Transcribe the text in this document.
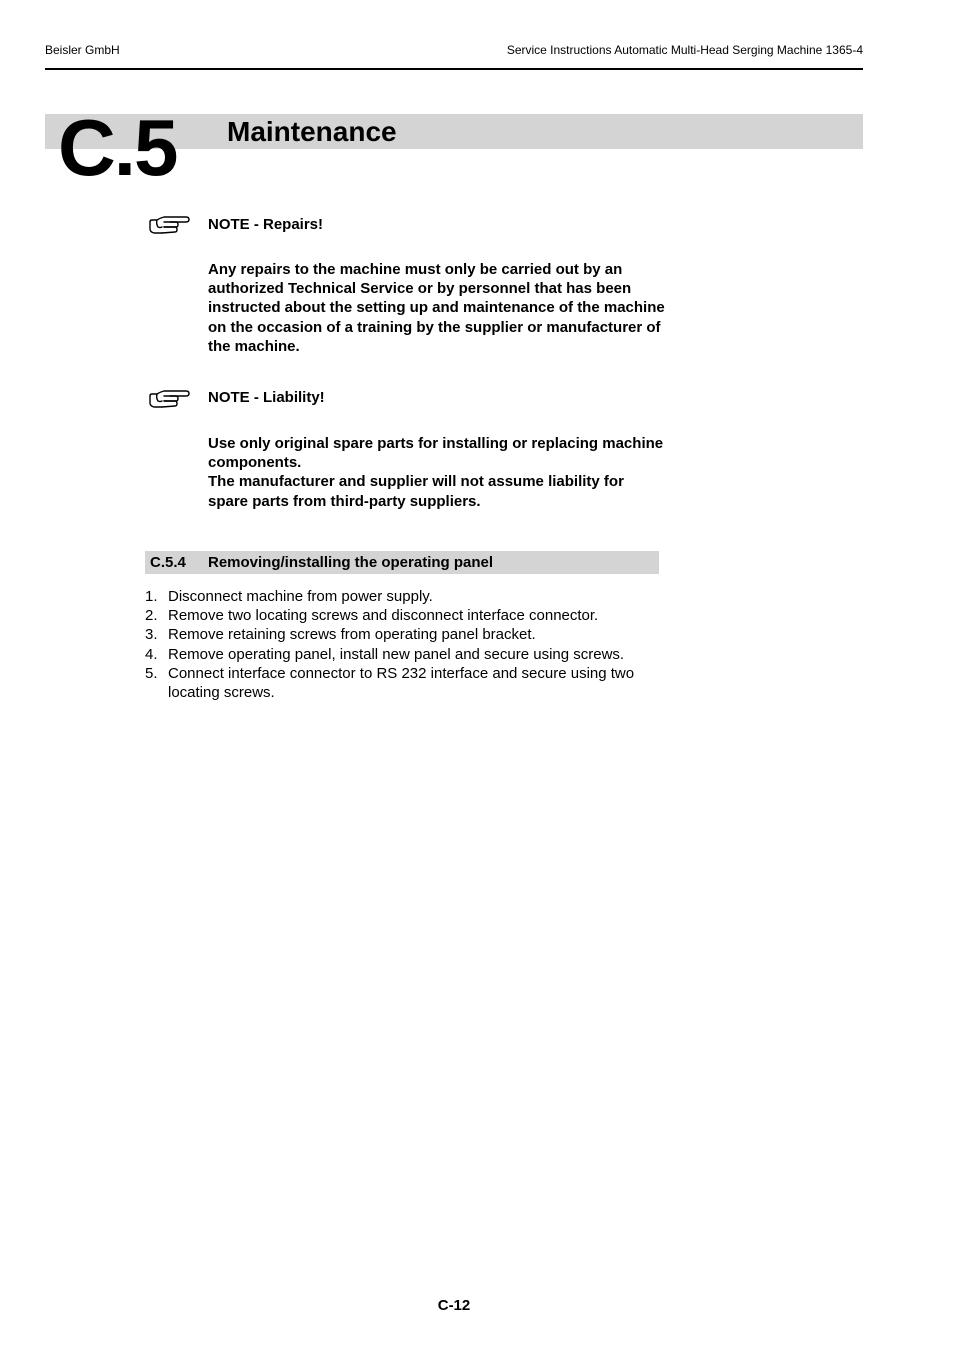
Beisler GmbH	Service Instructions Automatic Multi-Head Serging Machine 1365-4
C.5 Maintenance
NOTE - Repairs!

Any repairs to the machine must only be carried out by an authorized Technical Service or by personnel that has been instructed about the setting up and maintenance of the machine on the occasion of a training by the supplier or manufacturer of the machine.

NOTE - Liability!

Use only original spare parts for installing or replacing machine components.

The manufacturer and supplier will not assume liability for spare parts from third-party suppliers.

C.5.4 Removing/installing the operating panel
1. Disconnect machine from power supply.
2. Remove two locating screws and disconnect interface connector.
3. Remove retaining screws from operating panel bracket.
4. Remove operating panel, install new panel and secure using screws.
5. Connect interface connector to RS 232 interface and secure using two locating screws.
C-12
